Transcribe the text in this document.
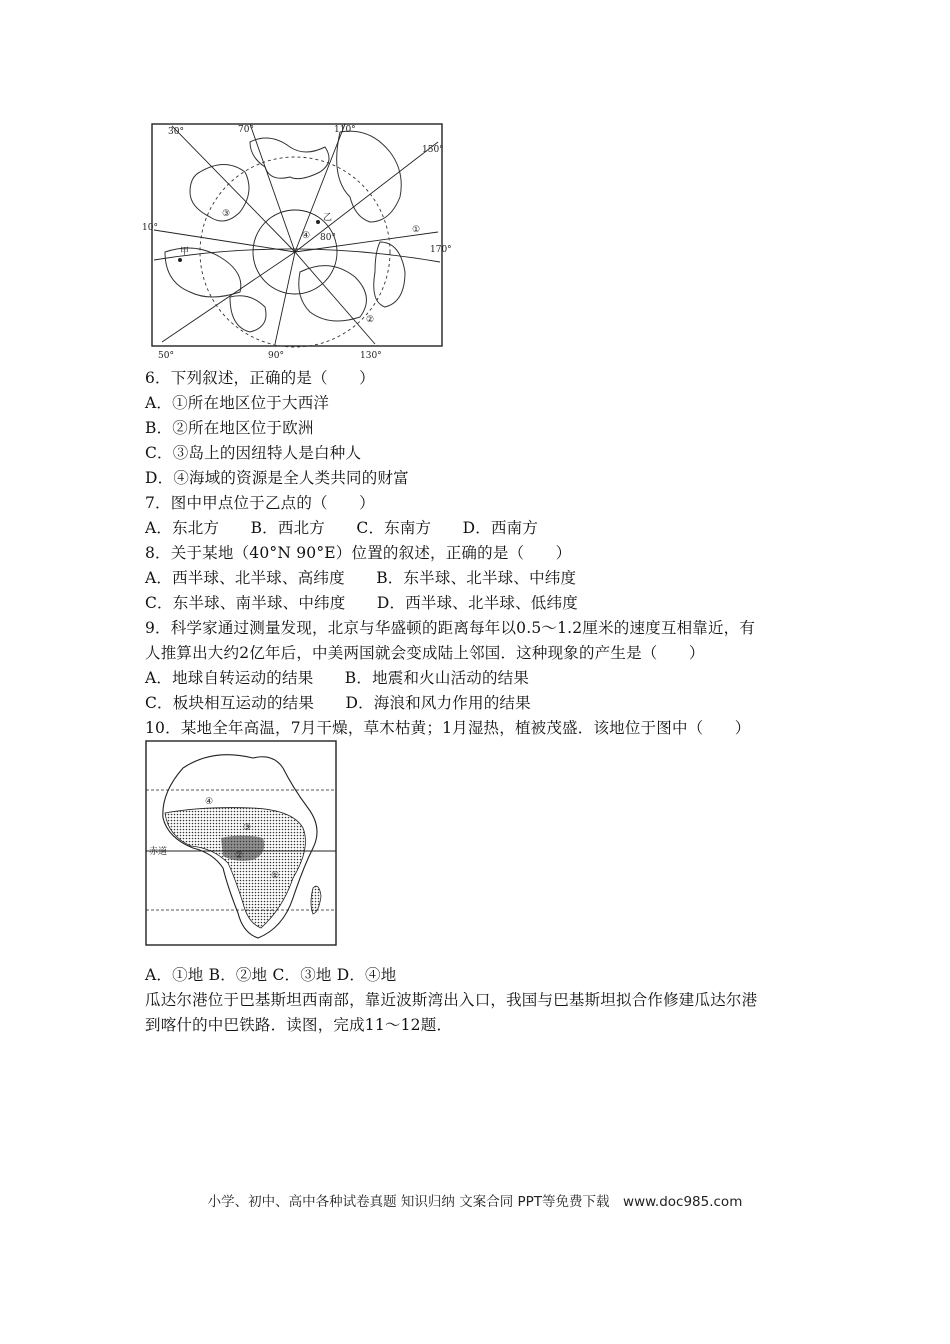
30°	70°	110°
150°
170°
10°
50°	90°	130°
80°
甲
乙
①
②
③
④
6．下列叙述，正确的是（　　）
A．①所在地区位于大西洋
B．②所在地区位于欧洲
C．③岛上的因纽特人是白种人
D．④海域的资源是全人类共同的财富
7．图中甲点位于乙点的（　　）
A．东北方　　B．西北方　　C．东南方　　D．西南方
8．关于某地（40°N 90°E）位置的叙述，正确的是（　　）
A．西半球、北半球、高纬度　　B．东半球、北半球、中纬度
C．东半球、南半球、中纬度　　D．西半球、北半球、低纬度
9．科学家通过测量发现，北京与华盛顿的距离每年以0.5～1.2厘米的速度互相靠近，有
人推算出大约2亿年后，中美两国就会变成陆上邻国．这种现象的产生是（　　）
A．地球自转运动的结果　　B．地震和火山活动的结果
C．板块相互运动的结果　　D．海浪和风力作用的结果
10．某地全年高温，7月干燥，草木枯黄；1月湿热，植被茂盛．该地位于图中（　　）
赤道
④
③
②
①
A．①地 B．②地 C．③地 D．④地
瓜达尔港位于巴基斯坦西南部，靠近波斯湾出入口，我国与巴基斯坦拟合作修建瓜达尔港
到喀什的中巴铁路．读图，完成11～12题．
小学、初中、高中各种试卷真题 知识归纳 文案合同 PPT等免费下载　www.doc985.com
